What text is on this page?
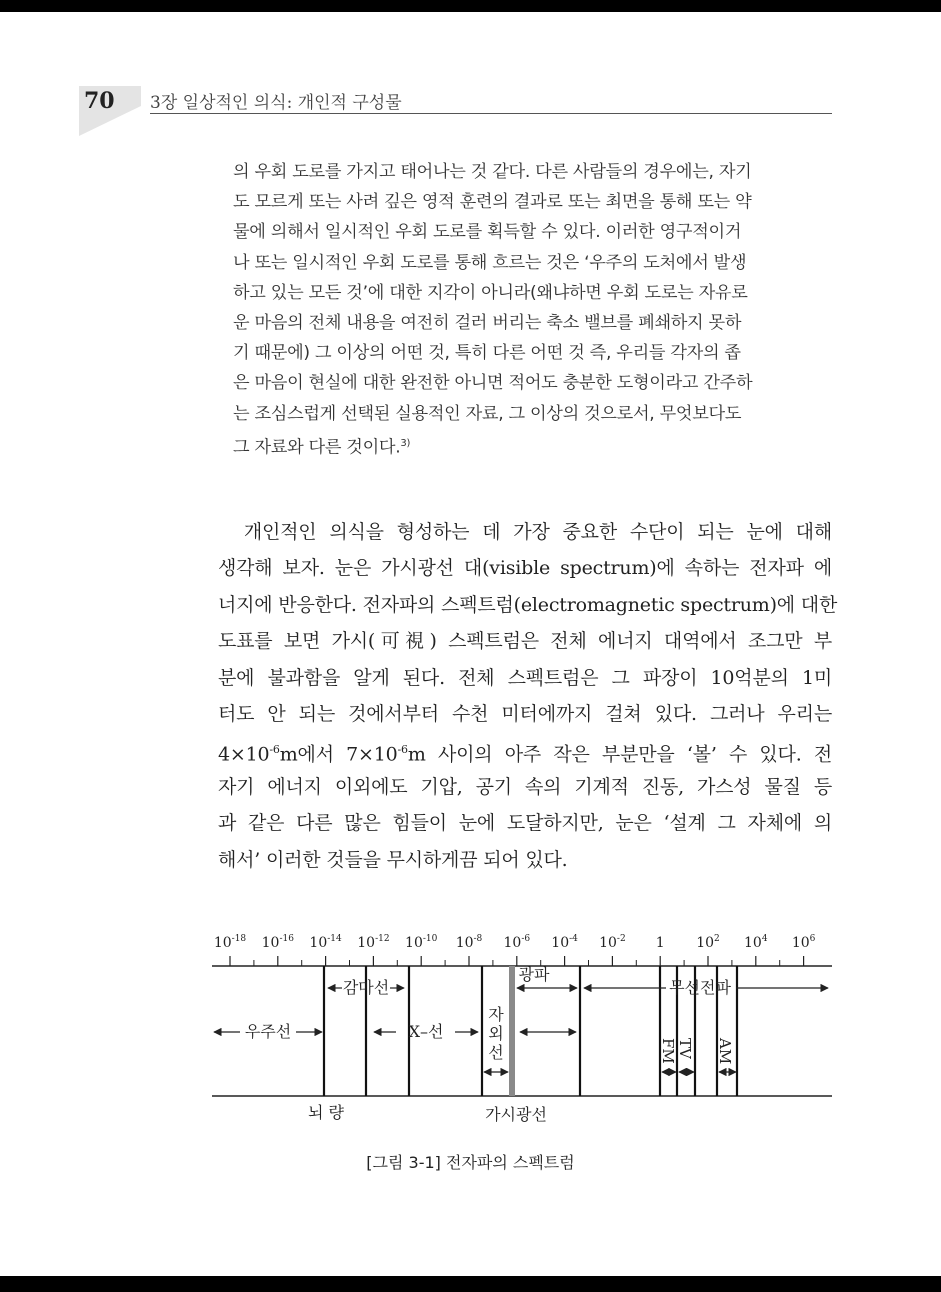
70 3장 일상적인 의식: 개인적 구성물
의 우회 도로를 가지고 태어나는 것 같다. 다른 사람들의 경우에는, 자기
도 모르게 또는 사려 깊은 영적 훈련의 결과로 또는 최면을 통해 또는 약
물에 의해서 일시적인 우회 도로를 획득할 수 있다. 이러한 영구적이거
나 또는 일시적인 우회 도로를 통해 흐르는 것은 ‘우주의 도처에서 발생
하고 있는 모든 것’에 대한 지각이 아니라(왜냐하면 우회 도로는 자유로
운 마음의 전체 내용을 여전히 걸러 버리는 축소 밸브를 폐쇄하지 못하
기 때문에) 그 이상의 어떤 것, 특히 다른 어떤 것 즉, 우리들 각자의 좁
은 마음이 현실에 대한 완전한 아니면 적어도 충분한 도형이라고 간주하
는 조심스럽게 선택된 실용적인 자료, 그 이상의 것으로서, 무엇보다도
그 자료와 다른 것이다.$^{3)}$
개인적인 의식을 형성하는 데 가장 중요한 수단이 되는 눈에 대해
생각해 보자. 눈은 가시광선 대(visible spectrum)에 속하는 전자파 에
너지에 반응한다. 전자파의 스펙트럼(electromagnetic spectrum)에 대한
도표를 보면 가시(可視) 스펙트럼은 전체 에너지 대역에서 조그만 부
분에 불과함을 알게 된다. 전체 스펙트럼은 그 파장이 10억분의 1미
터도 안 되는 것에서부터 수천 미터에까지 걸쳐 있다. 그러나 우리는
$4\times 10^{-6}m$에서 $7\times 10^{-6}m$ 사이의 아주 작은 부분만을 ‘볼’ 수 있다. 전
자기 에너지 이외에도 기압, 공기 속의 기계적 진동, 가스성 물질 등
과 같은 다른 많은 힘들이 눈에 도달하지만, 눈은 ‘설계 그 자체에 의
해서’ 이러한 것들을 무시하게끔 되어 있다.
$10^{-18}$ $10^{-16}$ $10^{-14}$ $10^{-12}$ $10^{-10}$ $10^{-8}$ $10^{-6}$ $10^{-4}$ $10^{-2}$ 1 $10^2$ $10^4$ $10^6$
우주선
감마선
X–선
자
외
선
광파
무선전파
FM TV AM
뇌 량	가시광선
[그림 3-1] 전자파의 스펙트럼
